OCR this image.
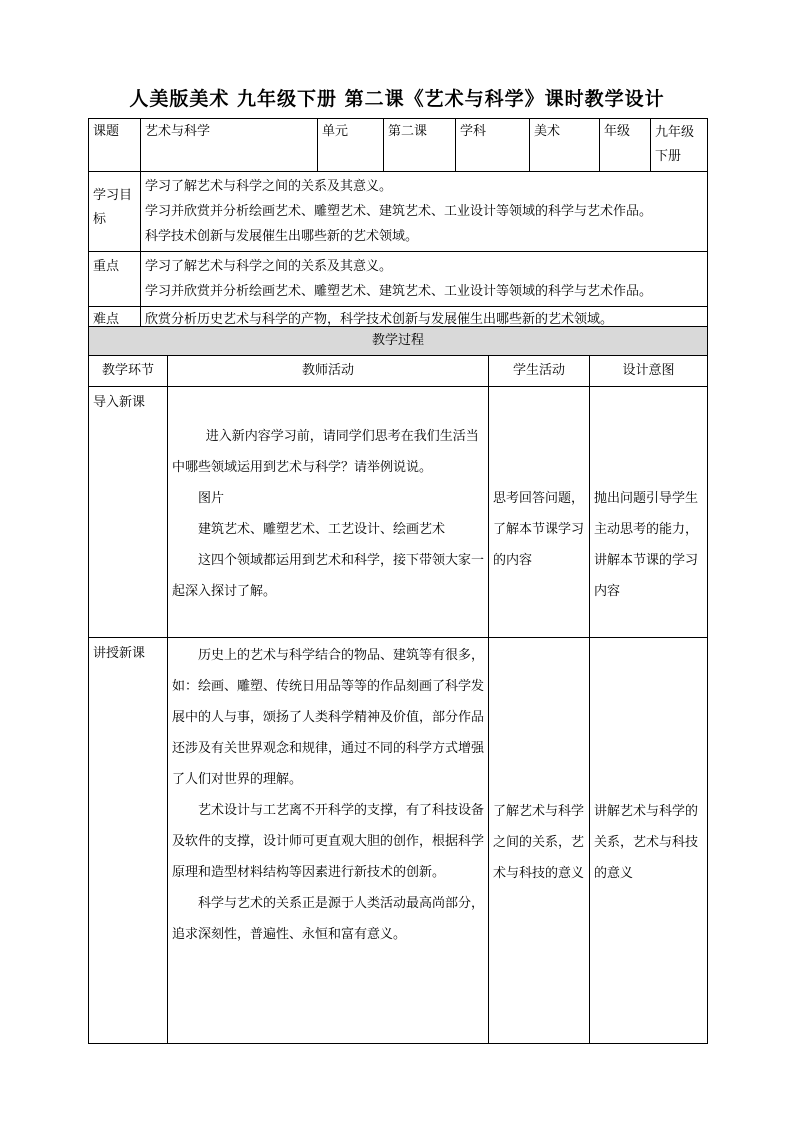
人美版美术 九年级下册 第二课《艺术与科学》课时教学设计
课题	艺术与科学	单元	第二课	学科	美术	年级	九年级下册
学习目标	学习了解艺术与科学之间的关系及其意义。
学习并欣赏并分析绘画艺术、雕塑艺术、建筑艺术、工业设计等领域的科学与艺术作品。
科学技术创新与发展催生出哪些新的艺术领域。						

重点	学习了解艺术与科学之间的关系及其意义。
学习并欣赏并分析绘画艺术、雕塑艺术、建筑艺术、工业设计等领域的科学与艺术作品。						

难点	欣赏分析历史艺术与科学的产物，科学技术创新与发展催生出哪些新的艺术领域。						
教学过程			
教学环节	教师活动	学生活动	设计意图
导入新课	进入新内容学习前，请同学们思考在我们生活当中哪些领域运用到艺术与科学？请举例说说。

图片

建筑艺术、雕塑艺术、工艺设计、绘画艺术

这四个领域都运用到艺术和科学，接下带领大家一起深入探讨了解。	思考回答问题，了解本节课学习的内容	抛出问题引导学生主动思考的能力，讲解本节课的学习内容
讲授新课	历史上的艺术与科学结合的物品、建筑等有很多，如：绘画、雕塑、传统日用品等等的作品刻画了科学发展中的人与事，颂扬了人类科学精神及价值，部分作品还涉及有关世界观念和规律，通过不同的科学方式增强了人们对世界的理解。

艺术设计与工艺离不开科学的支撑，有了科技设备及软件的支撑，设计师可更直观大胆的创作，根据科学原理和造型材料结构等因素进行新技术的创新。

科学与艺术的关系正是源于人类活动最高尚部分，追求深刻性，普遍性、永恒和富有意义。	了解艺术与科学之间的关系，艺术与科技的意义	讲解艺术与科学的关系，艺术与科技的意义
